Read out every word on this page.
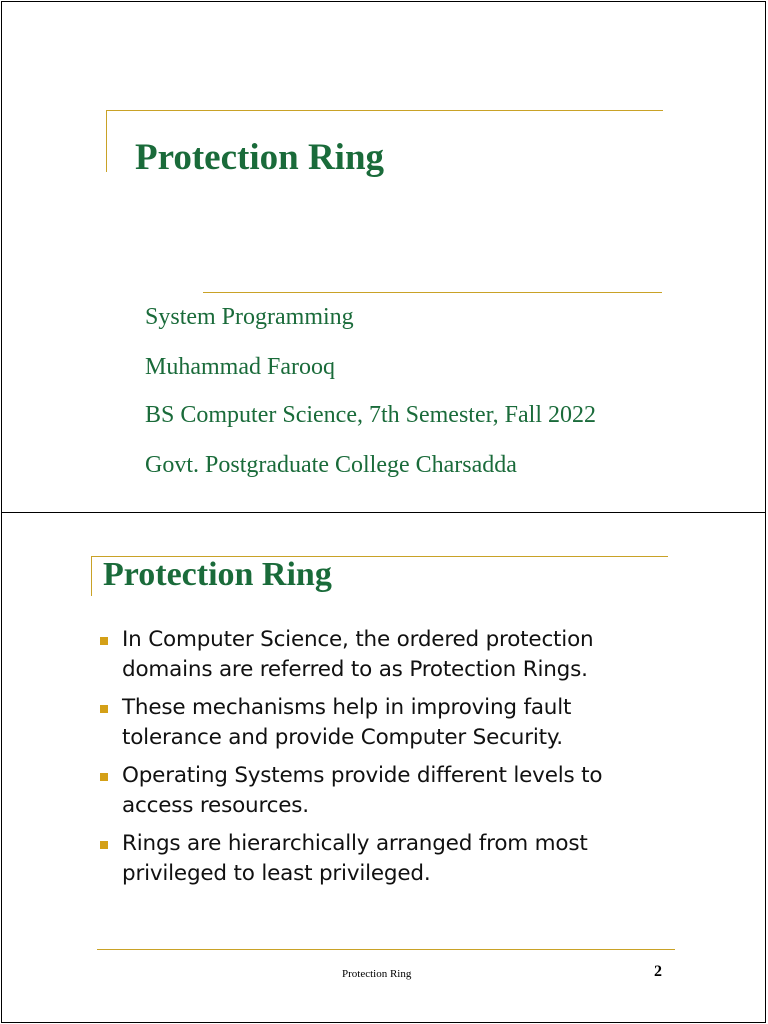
Protection Ring

System Programming

Muhammad Farooq

BS Computer Science, 7th Semester, Fall 2022

Govt. Postgraduate College Charsadda

Protection Ring
In Computer Science, the ordered protection domains are referred to as Protection Rings.
These mechanisms help in improving fault tolerance and provide Computer Security.
Operating Systems provide different levels to access resources.
Rings are hierarchically arranged from most privileged to least privileged.
Protection Ring	2
